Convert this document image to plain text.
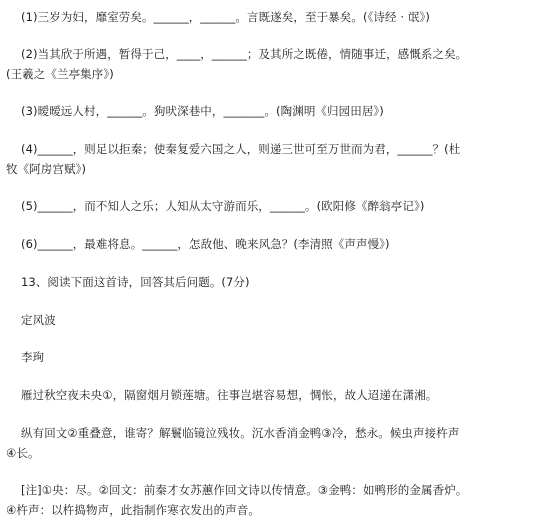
(1)三岁为妇，靡室劳矣。______，______。言既遂矣，至于暴矣。(《诗经 · 氓》)
(2)当其欣于所遇，暂得于己，____，______；及其所之既倦，情随事迁，感慨系之矣。
(王羲之《兰亭集序》)
(3)暧暧远人村，______。狗吠深巷中，_______。(陶渊明《归园田居》)
(4)______，则足以拒秦；使秦复爱六国之人，则递三世可至万世而为君，______？(杜
牧《阿房宫赋》)
(5)______，而不知人之乐；人知从太守游而乐，______。(欧阳修《醉翁亭记》)
(6)______，最难将息。______，怎敌他、晚来风急？(李清照《声声慢》)
13、阅读下面这首诗，回答其后问题。(7分)
定风波
李珣
雁过秋空夜未央①，隔窗烟月锁莲塘。往事岂堪容易想，惆怅，故人迢递在潇湘。
纵有回文②重叠意，谁寄？解鬟临镜泣残妆。沉水香消金鸭③冷，愁永。候虫声接杵声
④长。
[注]①央：尽。②回文：前秦才女苏蕙作回文诗以传情意。③金鸭：如鸭形的金属香炉。
④杵声：以杵捣物声，此指制作寒衣发出的声音。
